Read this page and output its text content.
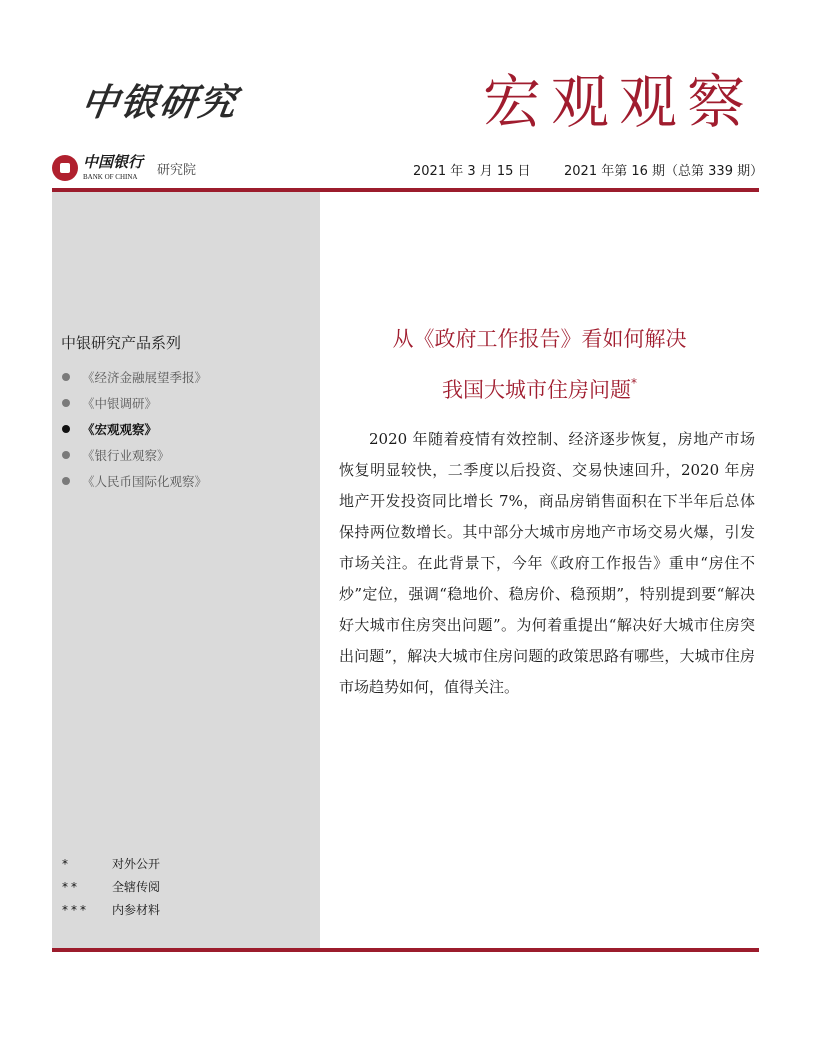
中银研究	宏观观察
中国银行
BANK OF CHINA	研究院	2021 年 3 月 15 日	2021 年第 16 期（总第 339 期）
中银研究产品系列
《经济金融展望季报》
《中银调研》
《宏观观察》
《银行业观察》
《人民币国际化观察》
*	对外公开
**	全辖传阅
***	内参材料
从《政府工作报告》看如何解决
我国大城市住房问题*

2020 年随着疫情有效控制、经济逐步恢复，房地产市场恢复明显较快，二季度以后投资、交易快速回升，2020 年房地产开发投资同比增长 7%，商品房销售面积在下半年后总体保持两位数增长。其中部分大城市房地产市场交易火爆，引发市场关注。在此背景下，今年《政府工作报告》重申“房住不炒”定位，强调“稳地价、稳房价、稳预期”，特别提到要“解决好大城市住房突出问题”。为何着重提出“解决好大城市住房突出问题”，解决大城市住房问题的政策思路有哪些，大城市住房市场趋势如何，值得关注。
